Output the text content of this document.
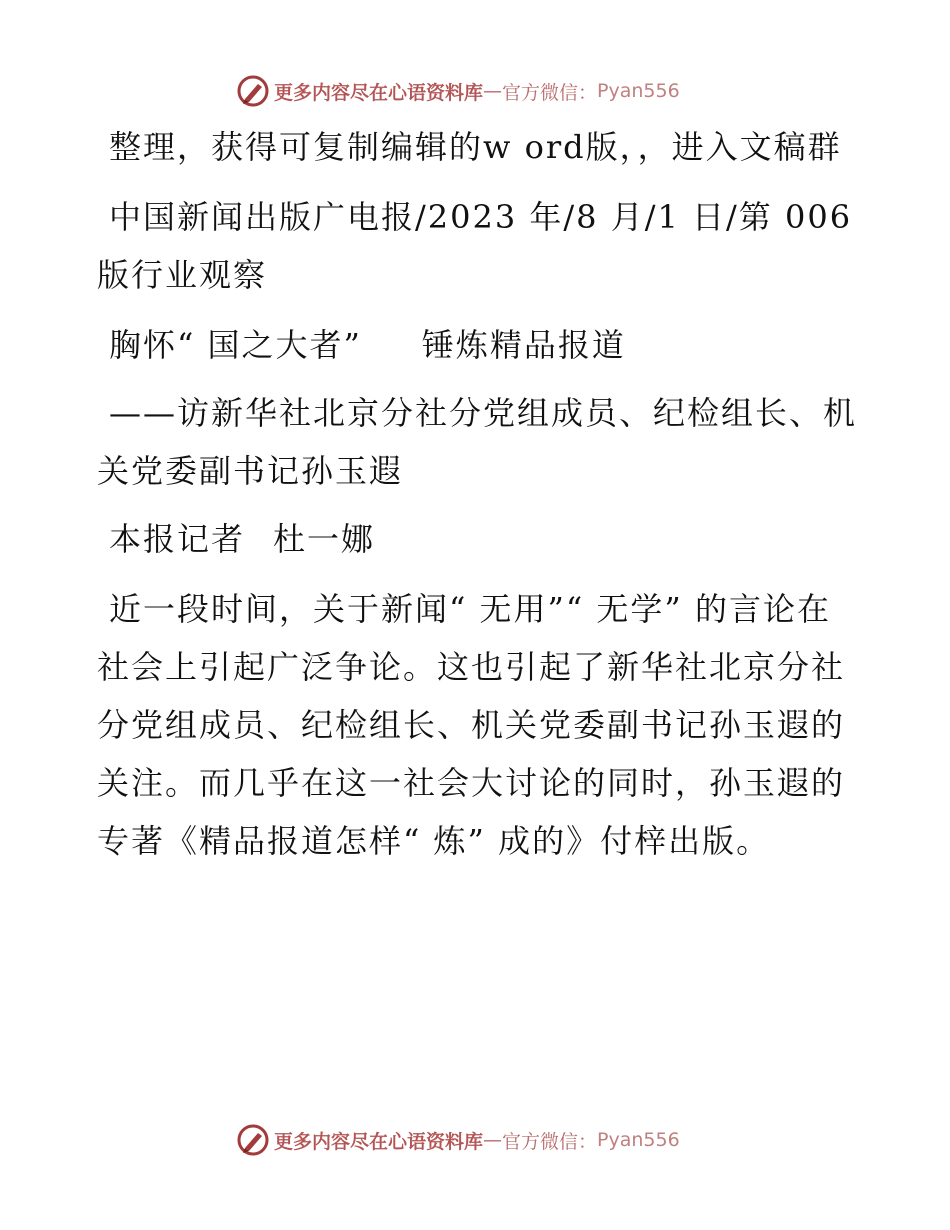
更多内容尽在心语资料库 — 官方微信： Pyan556

整理，获得可复制编辑的w ord版，，进入文稿群

中国新闻出版广电报/2023 年/8 月/1 日/第 006 版行业观察

胸怀“ 国之大者” 锤炼精品报道

——访新华社北京分社分党组成员、纪检组长、机关党委副书记孙玉遐

本报记者 杜一娜

近一段时间，关于新闻“ 无用”“ 无学” 的言论在社会上引起广泛争论。这也引起了新华社北京分社分党组成员、纪检组长、机关党委副书记孙玉遐的关注。而几乎在这一社会大讨论的同时，孙玉遐的专著《精品报道怎样“ 炼” 成的》付梓出版。

更多内容尽在心语资料库 — 官方微信： Pyan556
